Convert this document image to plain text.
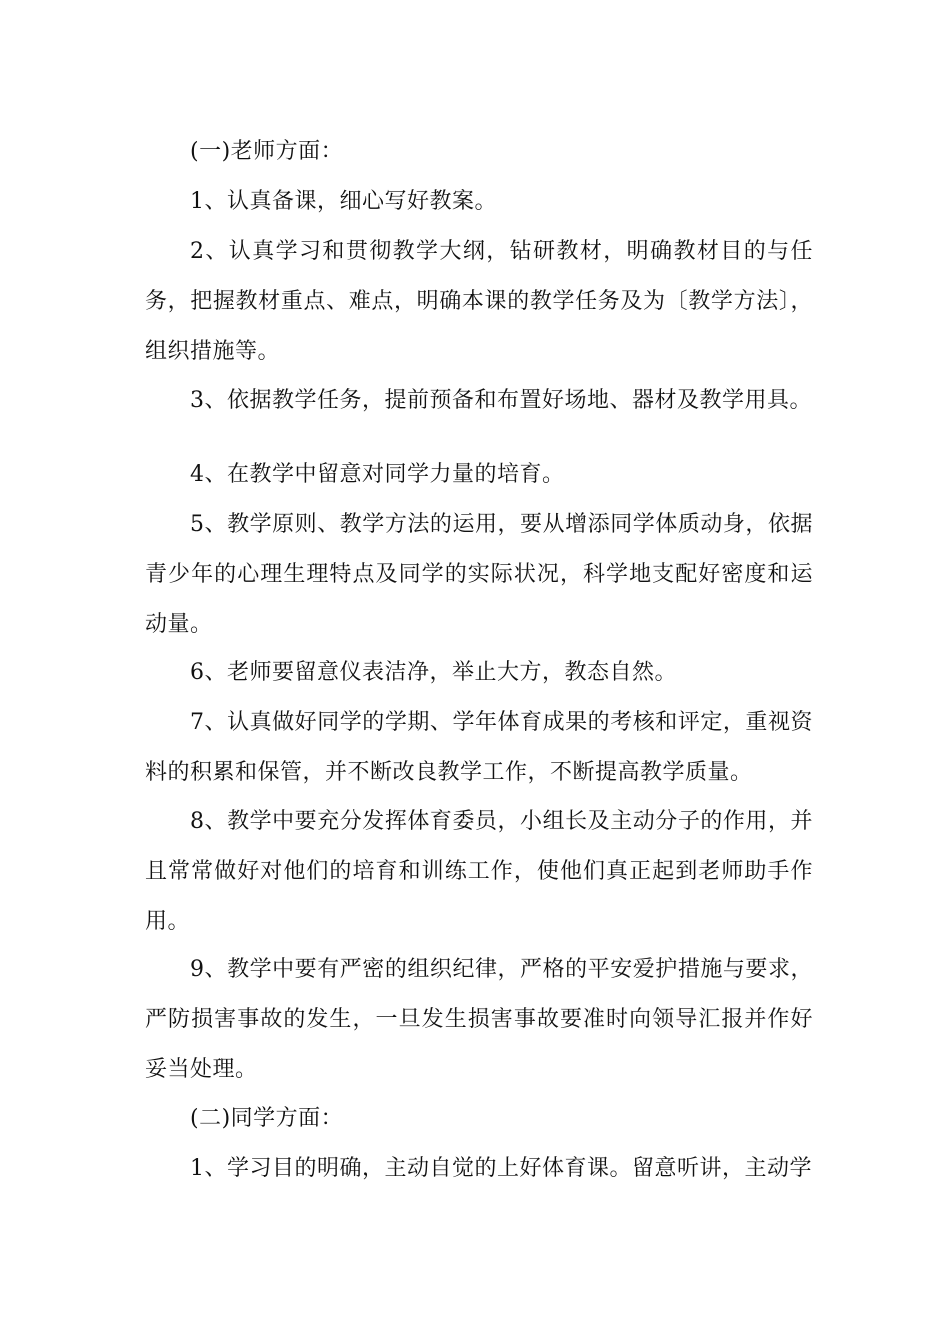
(一)老师方面：

1、认真备课，细心写好教案。

2、认真学习和贯彻教学大纲，钻研教材，明确教材目的与任务，把握教材重点、难点，明确本课的教学任务及为〔教学方法〕，组织措施等。

3、依据教学任务，提前预备和布置好场地、器材及教学用具。

4、在教学中留意对同学力量的培育。

5、教学原则、教学方法的运用，要从增添同学体质动身，依据青少年的心理生理特点及同学的实际状况，科学地支配好密度和运动量。

6、老师要留意仪表洁净，举止大方，教态自然。

7、认真做好同学的学期、学年体育成果的考核和评定，重视资料的积累和保管，并不断改良教学工作，不断提高教学质量。

8、教学中要充分发挥体育委员，小组长及主动分子的作用，并且常常做好对他们的培育和训练工作，使他们真正起到老师助手作用。

9、教学中要有严密的组织纪律，严格的平安爱护措施与要求，严防损害事故的发生，一旦发生损害事故要准时向领导汇报并作好妥当处理。

(二)同学方面：

1、学习目的明确，主动自觉的上好体育课。留意听讲，主动学
